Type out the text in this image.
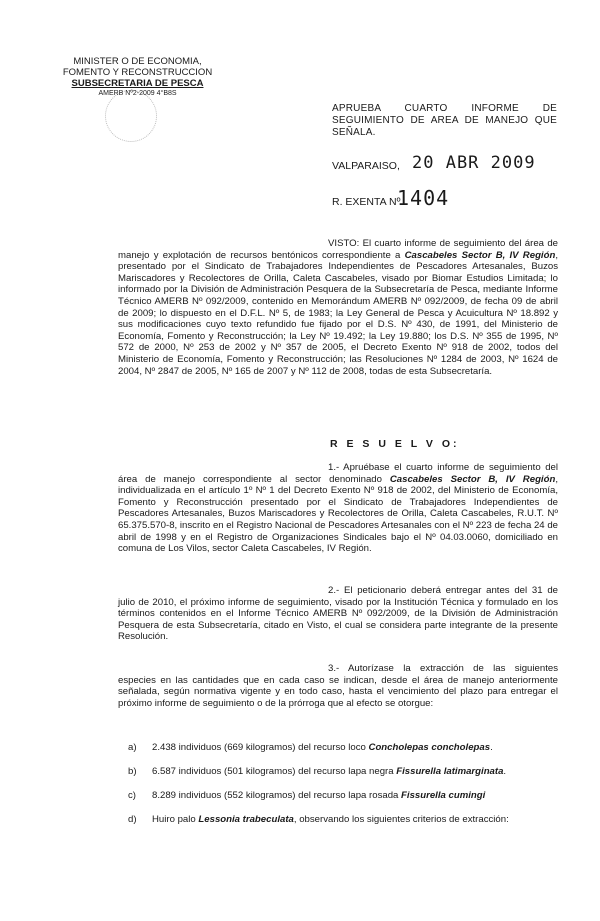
MINISTER O DE ECONOMIA,
FOMENTO Y RECONSTRUCCION
SUBSECRETARIA DE PESCA
AMERB Nº2-2009 4°B8S
APRUEBA CUARTO INFORME DE
SEGUIMIENTO DE AREA DE MANEJO QUE
SEÑALA.
VALPARAISO, 20 ABR 2009
R. EXENTA Nº
1404
VISTO: El cuarto informe de seguimiento del área de manejo y explotación de recursos bentónicos correspondiente a Cascabeles Sector B, IV Región, presentado por el Sindicato de Trabajadores Independientes de Pescadores Artesanales, Buzos Mariscadores y Recolectores de Orilla, Caleta Cascabeles, visado por Biomar Estudios Limitada; lo informado por la División de Administración Pesquera de la Subsecretaría de Pesca, mediante Informe Técnico AMERB Nº 092/2009, contenido en Memorándum AMERB Nº 092/2009, de fecha 09 de abril de 2009; lo dispuesto en el D.F.L. Nº 5, de 1983; la Ley General de Pesca y Acuicultura Nº 18.892 y sus modificaciones cuyo texto refundido fue fijado por el D.S. Nº 430, de 1991, del Ministerio de Economía, Fomento y Reconstrucción; la Ley Nº 19.492; la Ley 19.880; los D.S. Nº 355 de 1995, Nº 572 de 2000, Nº 253 de 2002 y Nº 357 de 2005, el Decreto Exento Nº 918 de 2002, todos del Ministerio de Economía, Fomento y Reconstrucción; las Resoluciones Nº 1284 de 2003, Nº 1624 de 2004, Nº 2847 de 2005, Nº 165 de 2007 y Nº 112 de 2008, todas de esta Subsecretaría.
R E S U E L V O:
1.- Apruébase el cuarto informe de seguimiento del área de manejo correspondiente al sector denominado Cascabeles Sector B, IV Región, individualizada en el artículo 1º Nº 1 del Decreto Exento Nº 918 de 2002, del Ministerio de Economía, Fomento y Reconstrucción presentado por el Sindicato de Trabajadores Independientes de Pescadores Artesanales, Buzos Mariscadores y Recolectores de Orilla, Caleta Cascabeles, R.U.T. Nº 65.375.570-8, inscrito en el Registro Nacional de Pescadores Artesanales con el Nº 223 de fecha 24 de abril de 1998 y en el Registro de Organizaciones Sindicales bajo el Nº 04.03.0060, domiciliado en comuna de Los Vilos, sector Caleta Cascabeles, IV Región.
2.- El peticionario deberá entregar antes del 31 de julio de 2010, el próximo informe de seguimiento, visado por la Institución Técnica y formulado en los términos contenidos en el Informe Técnico AMERB Nº 092/2009, de la División de Administración Pesquera de esta Subsecretaría, citado en Visto, el cual se considera parte integrante de la presente Resolución.
3.- Autorízase la extracción de las siguientes especies en las cantidades que en cada caso se indican, desde el área de manejo anteriormente señalada, según normativa vigente y en todo caso, hasta el vencimiento del plazo para entregar el próximo informe de seguimiento o de la prórroga que al efecto se otorgue:
a) 2.438 individuos (669 kilogramos) del recurso loco Concholepas concholepas.
b) 6.587 individuos (501 kilogramos) del recurso lapa negra Fissurella latimarginata.
c) 8.289 individuos (552 kilogramos) del recurso lapa rosada Fissurella cumingi
d) Huiro palo Lessonia trabeculata, observando los siguientes criterios de extracción:
